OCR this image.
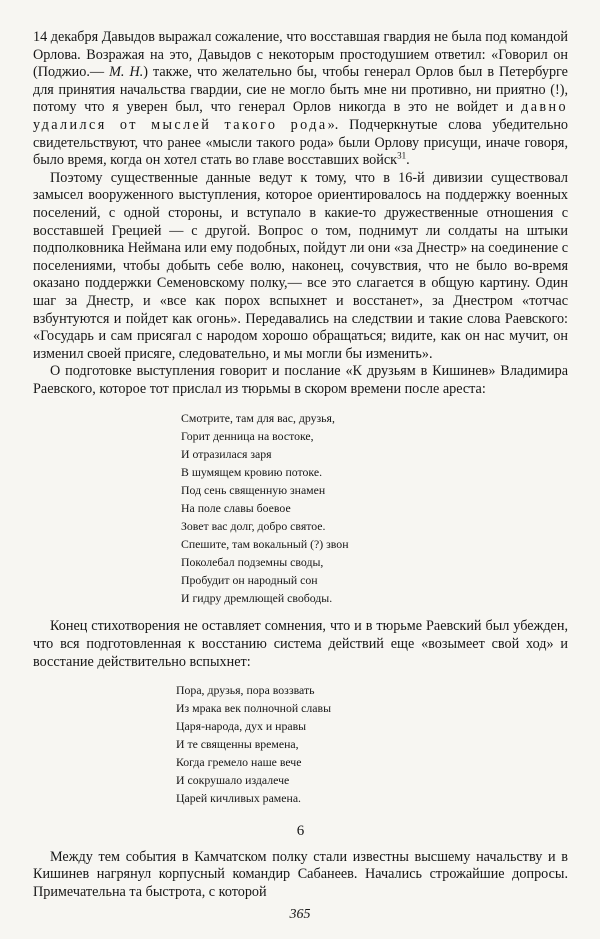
14 декабря Давыдов выражал сожаление, что восставшая гвардия не была под командой Орлова. Возражая на это, Давыдов с некоторым простодушием ответил: «Говорил он (Поджио.— М. Н.) также, что желательно бы, чтобы генерал Орлов был в Петербурге для принятия начальства гвардии, сие не могло быть мне ни противно, ни приятно (!), потому что я уверен был, что генерал Орлов никогда в это не войдет и давно удалился от мыслей такого рода». Подчеркнутые слова убедительно свидетельствуют, что ранее «мысли такого рода» были Орлову присущи, иначе говоря, было время, когда он хотел стать во главе восставших войск$^{31}$.

Поэтому существенные данные ведут к тому, что в 16-й дивизии существовал замысел вооруженного выступления, которое ориентировалось на поддержку военных поселений, с одной стороны, и вступало в какие-то дружественные отношения с восставшей Грецией — с другой. Вопрос о том, поднимут ли солдаты на штыки подполковника Неймана или ему подобных, пойдут ли они «за Днестр» на соединение с поселениями, чтобы добыть себе волю, наконец, сочувствия, что не было во-время оказано поддержки Семеновскому полку,— все это слагается в общую картину. Один шаг за Днестр, и «все как порох вспыхнет и восстанет», за Днестром «тотчас взбунтуются и пойдет как огонь». Передавались на следствии и такие слова Раевского: «Государь и сам присягал с народом хорошо обращаться; видите, как он нас мучит, он изменил своей присяге, следовательно, и мы могли бы изменить».

О подготовке выступления говорит и послание «К друзьям в Кишинев» Владимира Раевского, которое тот прислал из тюрьмы в скором времени после ареста:

Смотрите, там для вас, друзья,
Горит денница на востоке,
И отразилася заря
В шумящем кровию потоке.
Под сень священную знамен
На поле славы боевое
Зовет вас долг, добро святое.
Спешите, там вокальный (?) звон
Поколебал подземны своды,
Пробудит он народный сон
И гидру дремлющей свободы.

Конец стихотворения не оставляет сомнения, что и в тюрьме Раевский был убежден, что вся подготовленная к восстанию система действий еще «возымеет свой ход» и восстание действительно вспыхнет:

Пора, друзья, пора воззвать
Из мрака век полночной славы
Царя-народа, дух и нравы
И те священны времена,
Когда гремело наше вече
И сокрушало издалече
Царей кичливых рамена.
6

Между тем события в Камчатском полку стали известны высшему начальству и в Кишинев нагрянул корпусный командир Сабанеев. Начались строжайшие допросы. Примечательна та быстрота, с которой

365
